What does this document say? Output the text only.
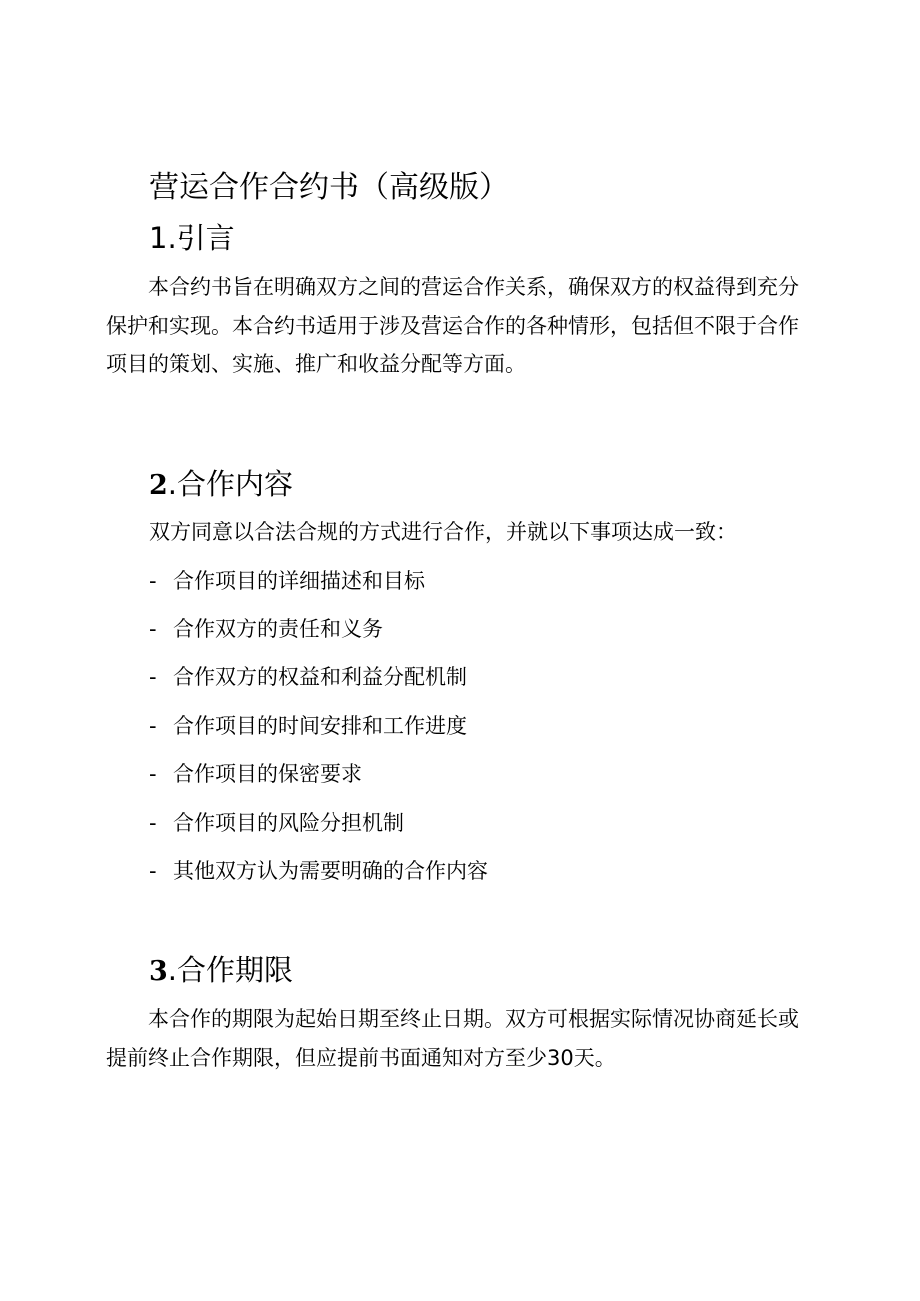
营运合作合约书（高级版）
1.引言

本合约书旨在明确双方之间的营运合作关系，确保双方的权益得到充分保护和实现。本合约书适用于涉及营运合作的各种情形，包括但不限于合作项目的策划、实施、推广和收益分配等方面。

2.合作内容

双方同意以合法合规的方式进行合作，并就以下事项达成一致：

- 合作项目的详细描述和目标

- 合作双方的责任和义务

- 合作双方的权益和利益分配机制

- 合作项目的时间安排和工作进度

- 合作项目的保密要求

- 合作项目的风险分担机制

- 其他双方认为需要明确的合作内容

3.合作期限

本合作的期限为起始日期至终止日期。双方可根据实际情况协商延长或提前终止合作期限，但应提前书面通知对方至少30天。
